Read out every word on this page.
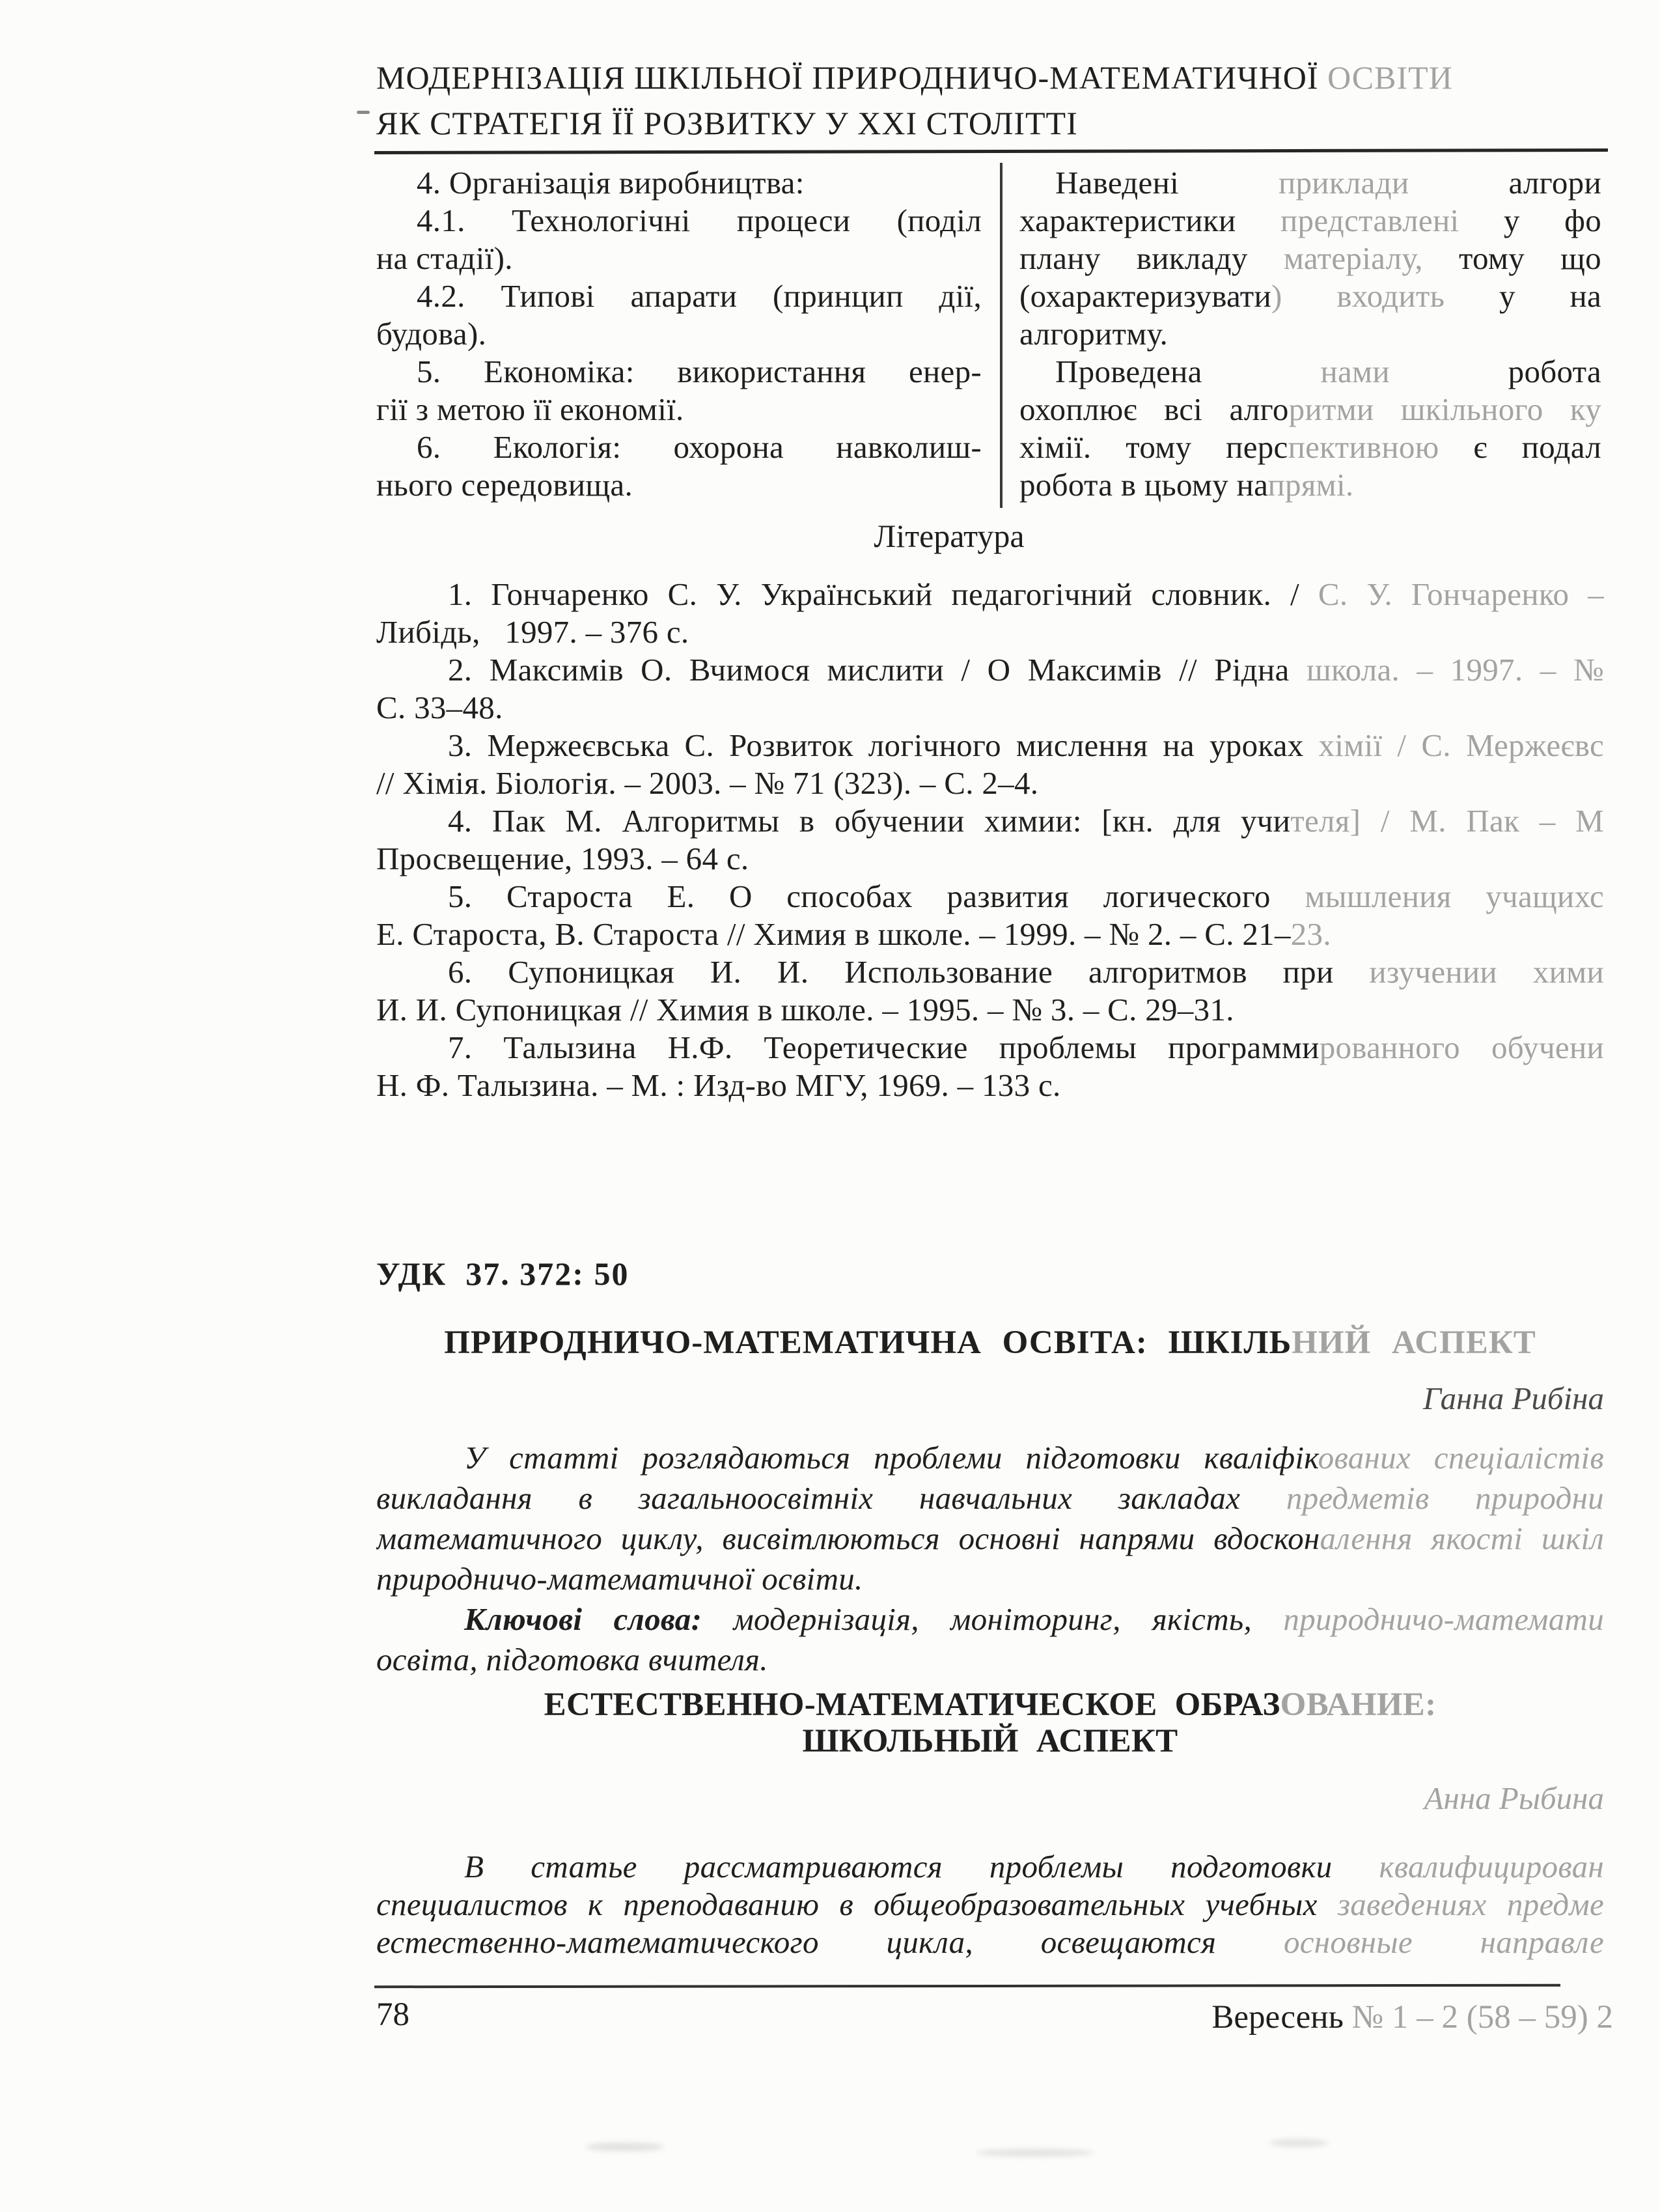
МОДЕРНІЗАЦІЯ ШКІЛЬНОЇ ПРИРОДНИЧО-МАТЕМАТИЧНОЇ ОСВІТИ
ЯК СТРАТЕГІЯ ЇЇ РОЗВИТКУ У XXI СТОЛІТТІ
4. Організація виробництва:
4.1. Технологічні процеси (поділ
на стадії).
4.2. Типові апарати (принцип дії,
будова).
5. Економіка: використання енер-
гії з метою її економії.
6. Екологія: охорона навколиш-
нього середовища.
Наведені приклади алгори
характеристики представлені у фо
плану викладу матеріалу, тому що
(охарактеризувати) входить у на
алгоритму.
Проведена нами робота
охоплює всі алгоритми шкільного ку
хімії. тому перспективною є подал
робота в цьому напрямі.
Література
1. Гончаренко С. У. Український педагогічний словник. / С. У. Гончаренко –
Либідь,   1997. – 376 с.
2. Максимів О. Вчимося мислити / О Максимів // Рідна школа. – 1997. – №
С. 33–48.
3. Мержеєвська С. Розвиток логічного мислення на уроках хімії / С. Мержеєвс
// Хімія. Біологія. – 2003. – № 71 (323). – С. 2–4.
4. Пак М. Алгоритмы в обучении химии: [кн. для учителя] / М. Пак – М
Просвещение, 1993. – 64 с.
5. Староста Е. О способах развития логического мышления учащихс
Е. Староста, В. Староста // Химия в школе. – 1999. – № 2. – С. 21–23.
6. Супоницкая И. И. Использование алгоритмов при изучении хими
И. И. Супоницкая // Химия в школе. – 1995. – № 3. – С. 29–31.
7. Талызина Н.Ф. Теоретические проблемы программированного обучени
Н. Ф. Талызина. – М. : Изд-во МГУ, 1969. – 133 с.
УДК  37. 372: 50
ПРИРОДНИЧО-МАТЕМАТИЧНА ОСВІТА: ШКІЛЬНИЙ АСПЕКТ
Ганна Рибіна
У статті розглядаються проблеми підготовки кваліфікованих спеціалістів
викладання в загальноосвітніх навчальних закладах предметів природни
математичного циклу, висвітлюються основні напрями вдосконалення якості шкіл
природничо-математичної освіти.
Ключові слова: модернізація, моніторинг, якість, природничо-математи
освіта, підготовка вчителя.
ЕСТЕСТВЕННО-МАТЕМАТИЧЕСКОЕ ОБРАЗОВАНИЕ:
ШКОЛЬНЫЙ АСПЕКТ
Анна Рыбина
В статье рассматриваются проблемы подготовки квалифицирован
специалистов к преподаванию в общеобразовательных учебных заведениях предме
естественно-математического цикла, освещаются основные направле
78	Вересень № 1 – 2 (58 – 59) 2
